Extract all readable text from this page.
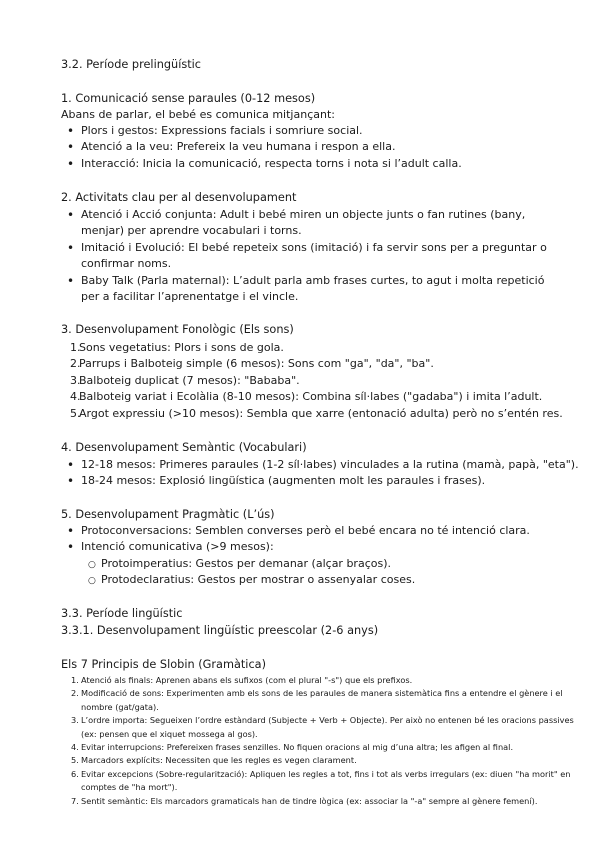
3.2. Període prelingüístic
1. Comunicació sense paraules (0-12 mesos)
Abans de parlar, el bebé es comunica mitjançant:
• Plors i gestos: Expressions facials i somriure social.
• Atenció a la veu: Prefereix la veu humana i respon a ella.
• Interacció: Inicia la comunicació, respecta torns i nota si l’adult calla.
2. Activitats clau per al desenvolupament
• Atenció i Acció conjunta: Adult i bebé miren un objecte junts o fan rutines (bany, menjar) per aprendre vocabulari i torns.
• Imitació i Evolució: El bebé repeteix sons (imitació) i fa servir sons per a preguntar o confirmar noms.
• Baby Talk (Parla maternal): L’adult parla amb frases curtes, to agut i molta repetició per a facilitar l’aprenentatge i el vincle.
3. Desenvolupament Fonològic (Els sons)
1.
Sons vegetatius: Plors i sons de gola.
2.
Parrups i Balboteig simple (6 mesos): Sons com "ga", "da", "ba".
3.
Balboteig duplicat (7 mesos): "Bababa".
4.
Balboteig variat i Ecolàlia (8-10 mesos): Combina síl·labes ("gadaba") i imita l’adult.
5.
Argot expressiu (>10 mesos): Sembla que xarre (entonació adulta) però no s’entén res.
4. Desenvolupament Semàntic (Vocabulari)
• 12-18 mesos: Primeres paraules (1-2 síl·labes) vinculades a la rutina (mamà, papà, "eta").
• 18-24 mesos: Explosió lingüística (augmenten molt les paraules i frases).
5. Desenvolupament Pragmàtic (L’ús)
• Protoconversacions: Semblen converses però el bebé encara no té intenció clara.
• Intenció comunicativa (>9 mesos):
○ Protoimperatius: Gestos per demanar (alçar braços).
○ Protodeclaratius: Gestos per mostrar o assenyalar coses.
3.3. Període lingüístic
3.3.1. Desenvolupament lingüístic preescolar (2-6 anys)
Els 7 Principis de Slobin (Gramàtica)
1. Atenció als finals: Aprenen abans els sufixos (com el plural "-s") que els prefixos.
2. Modificació de sons: Experimenten amb els sons de les paraules de manera sistemàtica fins a entendre el gènere i el nombre (gat/gata).
3. L’ordre importa: Segueixen l’ordre estàndard (Subjecte + Verb + Objecte). Per això no entenen bé les oracions passives (ex: pensen que el xiquet mossega al gos).
4. Evitar interrupcions: Prefereixen frases senzilles. No fiquen oracions al mig d’una altra; les afigen al final.
5. Marcadors explícits: Necessiten que les regles es vegen clarament.
6. Evitar excepcions (Sobre-regularització): Apliquen les regles a tot, fins i tot als verbs irregulars (ex: diuen "ha morit" en comptes de "ha mort").
7. Sentit semàntic: Els marcadors gramaticals han de tindre lògica (ex: associar la "-a" sempre al gènere femení).
